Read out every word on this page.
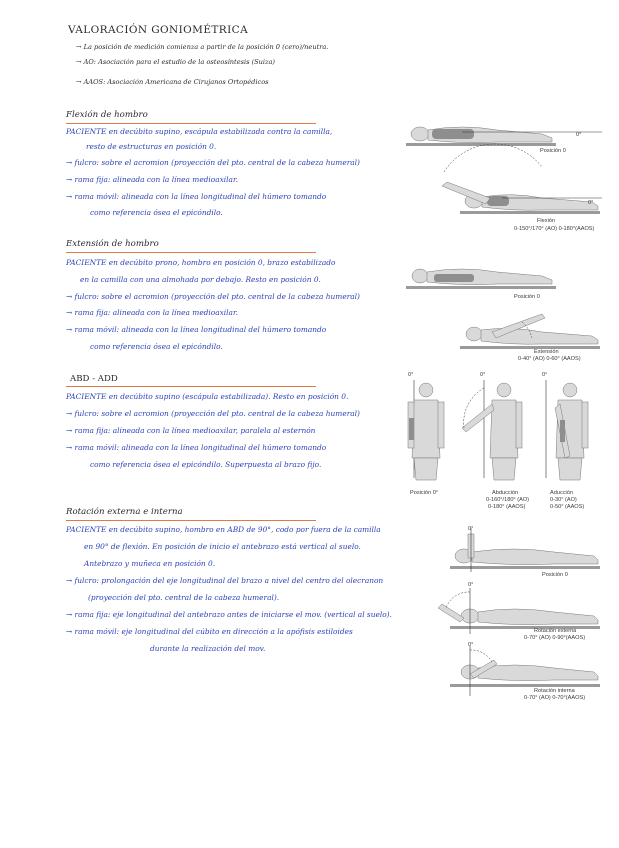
VALORACIÓN GONIOMÉTRICA
→ La posición de medición comienza a partir de la posición 0 (cero)/neutra.
→ AO: Asociación para el estudio de la osteosíntesis (Suiza)
→ AAOS: Asociación Americana de Cirujanos Ortopédicos
Flexión de hombro
PACIENTE en decúbito supino, escápula estabilizada contra la camilla,
resto de estructuras en posición 0.
→ fulcro: sobre el acromion (proyección del pto. central de la cabeza humeral)
→ rama fija: alineada con la línea medioaxilar.
→ rama móvil: alineada con la línea longitudinal del húmero tomando
como referencia ósea el epicóndilo.
0°
Posición 0
0°
Flexión
0-150°/170° (AO) 0-180°(AAOS)
Extensión de hombro
PACIENTE en decúbito prono, hombro en posición 0, brazo estabilizado
en la camilla con una almohada por debajo. Resto en posición 0.
→ fulcro: sobre el acromion (proyección del pto. central de la cabeza humeral)
→ rama fija: alineada con la línea medioaxilar.
→ rama móvil: alineada con la línea longitudinal del húmero tomando
como referencia ósea el epicóndilo.
Posición 0
Extensión
0-40° (AO) 0-60° (AAOS)
ABD - ADD
PACIENTE en decúbito supino (escápula estabilizada). Resto en posición 0.
→ fulcro: sobre el acromion (proyección del pto. central de la cabeza humeral)
→ rama fija: alineada con la línea medioaxilar, paralela al esternón
→ rama móvil: alineada con la línea longitudinal del húmero tomando
como referencia ósea el epicóndilo. Superpuesta al brazo fijo.
0°	0°	0°
Posición 0°	Abducción
0-160°/180° (AO)
0-180° (AAOS)
Aducción
0-30° (AO)
0-50° (AAOS)
Rotación externa e interna
PACIENTE en decúbito supino, hombro en ABD de 90°, codo por fuera de la camilla
en 90° de flexión. En posición de inicio el antebrazo está vertical al suelo.
Antebrazo y muñeca en posición 0.
→ fulcro: prolongación del eje longitudinal del brazo a nivel del centro del olecranon
(proyección del pto. central de la cabeza humeral).
→ rama fija: eje longitudinal del antebrazo antes de iniciarse el mov. (vertical al suelo).
→ rama móvil: eje longitudinal del cúbito en dirección a la apófisis estiloides
durante la realización del mov.
0°
Posición 0
0°
Rotación externa
0-70° (AO) 0-90°(AAOS)
0°
Rotación interna
0-70° (AO) 0-70°(AAOS)
